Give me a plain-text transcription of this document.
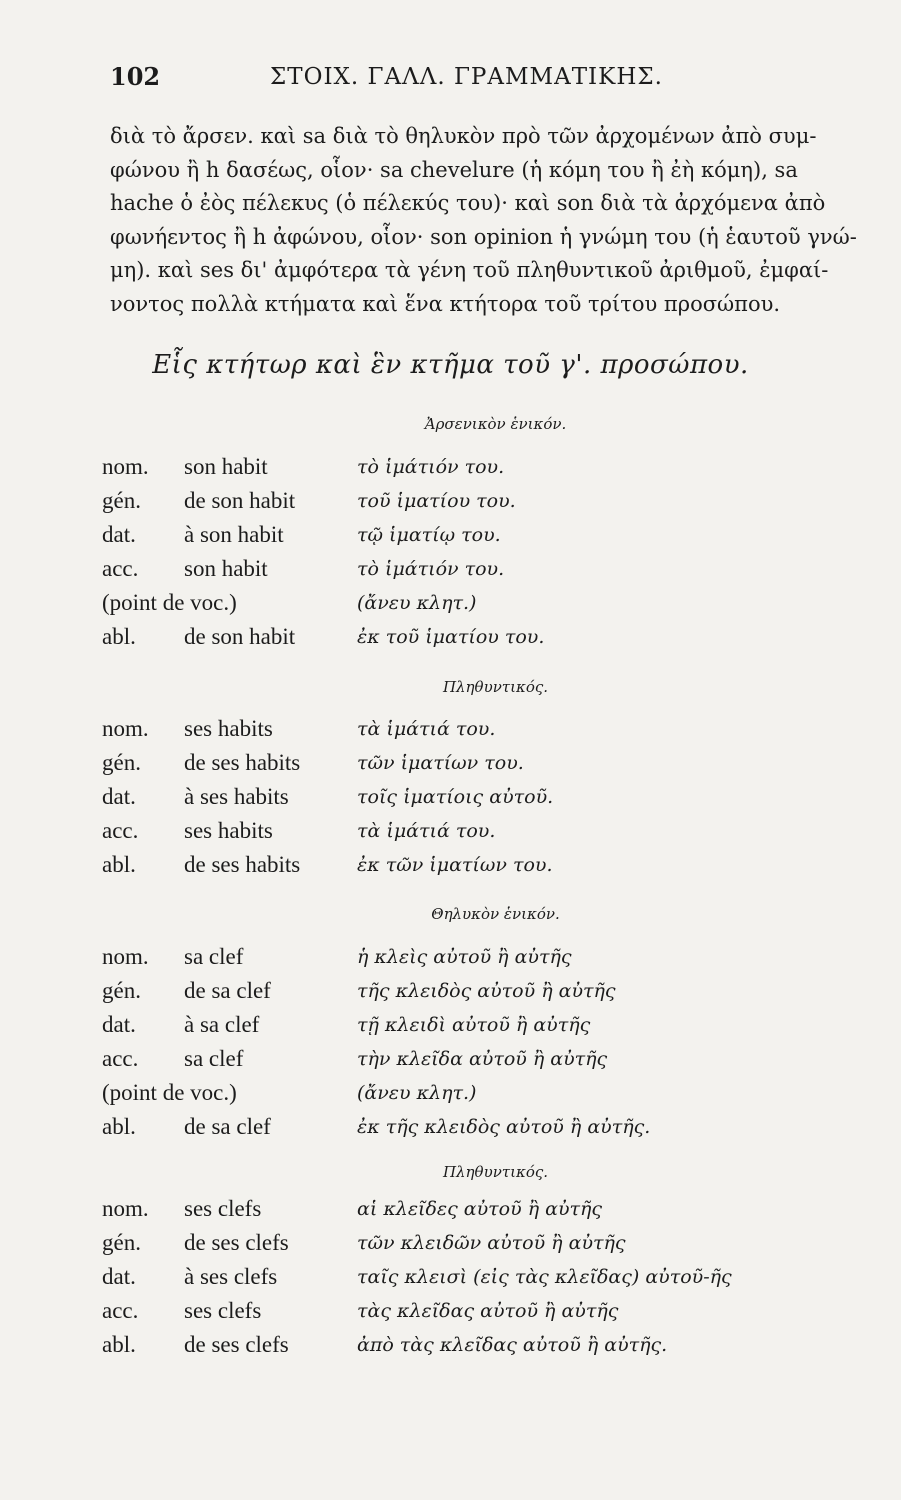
102	ΣΤΟΙΧ. ΓΑΛΛ. ΓΡΑΜΜΑΤΙΚΗΣ.

διὰ τὸ ἄρσεν. καὶ sa διὰ τὸ θηλυκὸν πρὸ τῶν ἀρχομένων ἀπὸ συμ-

φώνου ἢ h δασέως, οἷον· sa chevelure (ἡ κόμη του ἢ ἐὴ κόμη), sa

hache ὁ ἐὸς πέλεκυς (ὁ πέλεκύς του)· καὶ son διὰ τὰ ἀρχόμενα ἀπὸ

φωνήεντος ἢ h ἀφώνου, οἷον· son opinion ἡ γνώμη του (ἡ ἑαυτοῦ γνώ-

μη). καὶ ses δι' ἀμφότερα τὰ γένη τοῦ πληθυντικοῦ ἀριθμοῦ, ἐμφαί-

νοντος πολλὰ κτήματα καὶ ἕνα κτήτορα τοῦ τρίτου προσώπου.

Εἷς κτήτωρ καὶ ἓν κτῆμα τοῦ γ'. προσώπου.
Ἀρσενικὸν ἑνικόν.
nom. son habit	τὸ ἱμάτιόν του.
gén. de son habit	τοῦ ἱματίου του.
dat. à son habit	τῷ ἱματίῳ του.
acc. son habit	τὸ ἱμάτιόν του.
(point de voc.)	(ἄνευ κλητ.)
abl. de son habit	ἐκ τοῦ ἱματίου του.
Πληθυντικός.
nom. ses habits	τὰ ἱμάτιά του.
gén. de ses habits	τῶν ἱματίων του.
dat. à ses habits	τοῖς ἱματίοις αὐτοῦ.
acc. ses habits	τὰ ἱμάτιά του.
abl. de ses habits	ἐκ τῶν ἱματίων του.
Θηλυκὸν ἑνικόν.
nom. sa clef	ἡ κλεὶς αὐτοῦ ἢ αὐτῆς
gén. de sa clef	τῆς κλειδὸς αὐτοῦ ἢ αὐτῆς
dat. à sa clef	τῇ κλειδὶ αὐτοῦ ἢ αὐτῆς
acc. sa clef	τὴν κλεῖδα αὐτοῦ ἢ αὐτῆς
(point de voc.)	(ἄνευ κλητ.)
abl. de sa clef	ἐκ τῆς κλειδὸς αὐτοῦ ἢ αὐτῆς.
Πληθυντικός.
nom. ses clefs	αἱ κλεῖδες αὐτοῦ ἢ αὐτῆς
gén. de ses clefs	τῶν κλειδῶν αὐτοῦ ἢ αὐτῆς
dat. à ses clefs	ταῖς κλεισὶ (εἰς τὰς κλεῖδας) αὐτοῦ-ῆς
acc. ses clefs	τὰς κλεῖδας αὐτοῦ ἢ αὐτῆς
abl. de ses clefs	ἀπὸ τὰς κλεῖδας αὐτοῦ ἢ αὐτῆς.
